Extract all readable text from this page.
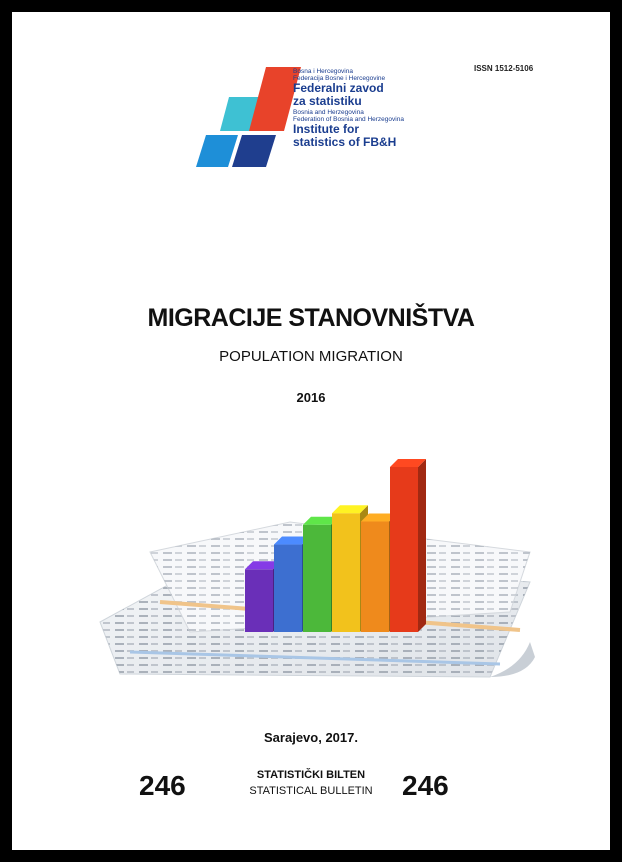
Bosna i Hercegovina
Federacija Bosne i Hercegovine
Federalni zavod
za statistiku
Bosnia and Herzegovina
Federation of Bosnia and Herzegovina
Institute for
statistics of FB&H
ISSN 1512-5106
MIGRACIJE STANOVNIŠTVA
POPULATION MIGRATION
2016
Sarajevo, 2017.
246	STATISTIČKI BILTEN
STATISTICAL BULLETIN	246
